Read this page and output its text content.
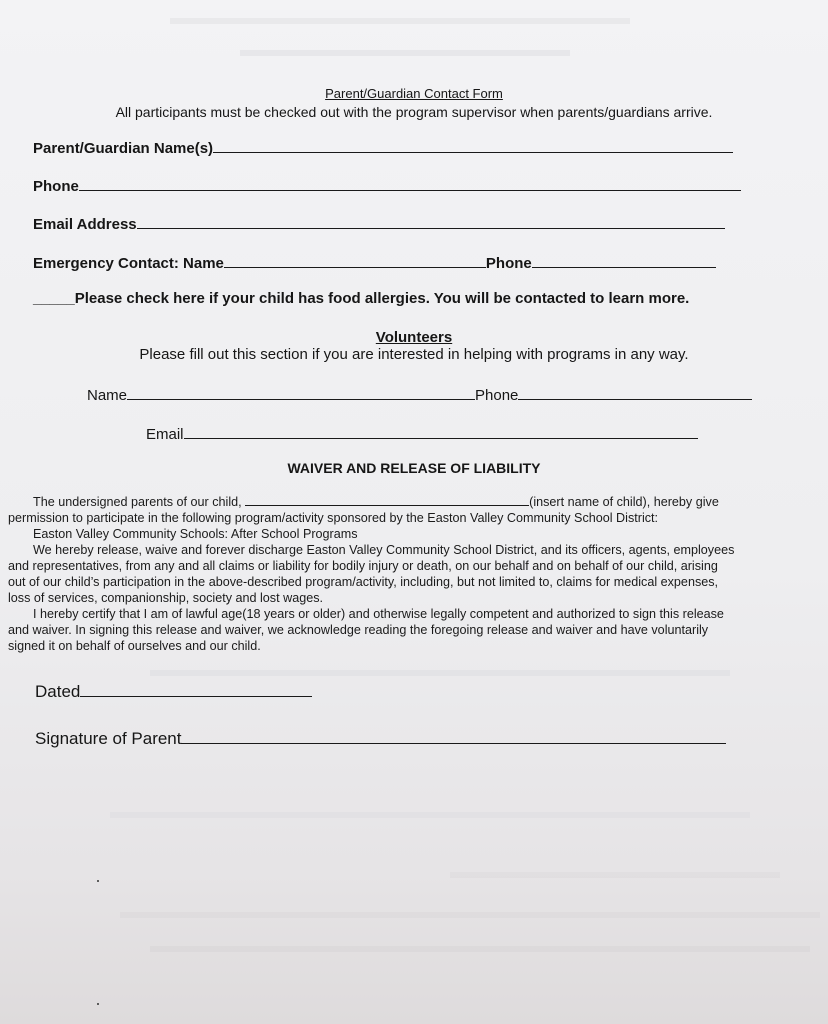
Parent/Guardian Contact Form
All participants must be checked out with the program supervisor when parents/guardians arrive.
Parent/Guardian Name(s)
Phone
Email Address
Emergency Contact: Name	Phone
_____Please check here if your child has food allergies. You will be contacted to learn more.
Volunteers
Please fill out this section if you are interested in helping with programs in any way.
Name	Phone
Email
WAIVER AND RELEASE OF LIABILITY
The undersigned parents of our child,	(insert name of child), hereby give
permission to participate in the following program/activity sponsored by the Easton Valley Community School District:
Easton Valley Community Schools: After School Programs
We hereby release, waive and forever discharge Easton Valley Community School District, and its officers, agents, employees
and representatives, from any and all claims or liability for bodily injury or death, on our behalf and on behalf of our child, arising
out of our child’s participation in the above-described program/activity, including, but not limited to, claims for medical expenses,
loss of services, companionship, society and lost wages.
I hereby certify that I am of lawful age(18 years or older) and otherwise legally competent and authorized to sign this release
and waiver. In signing this release and waiver, we acknowledge reading the foregoing release and waiver and have voluntarily
signed it on behalf of ourselves and our child.
Dated
Signature of Parent
